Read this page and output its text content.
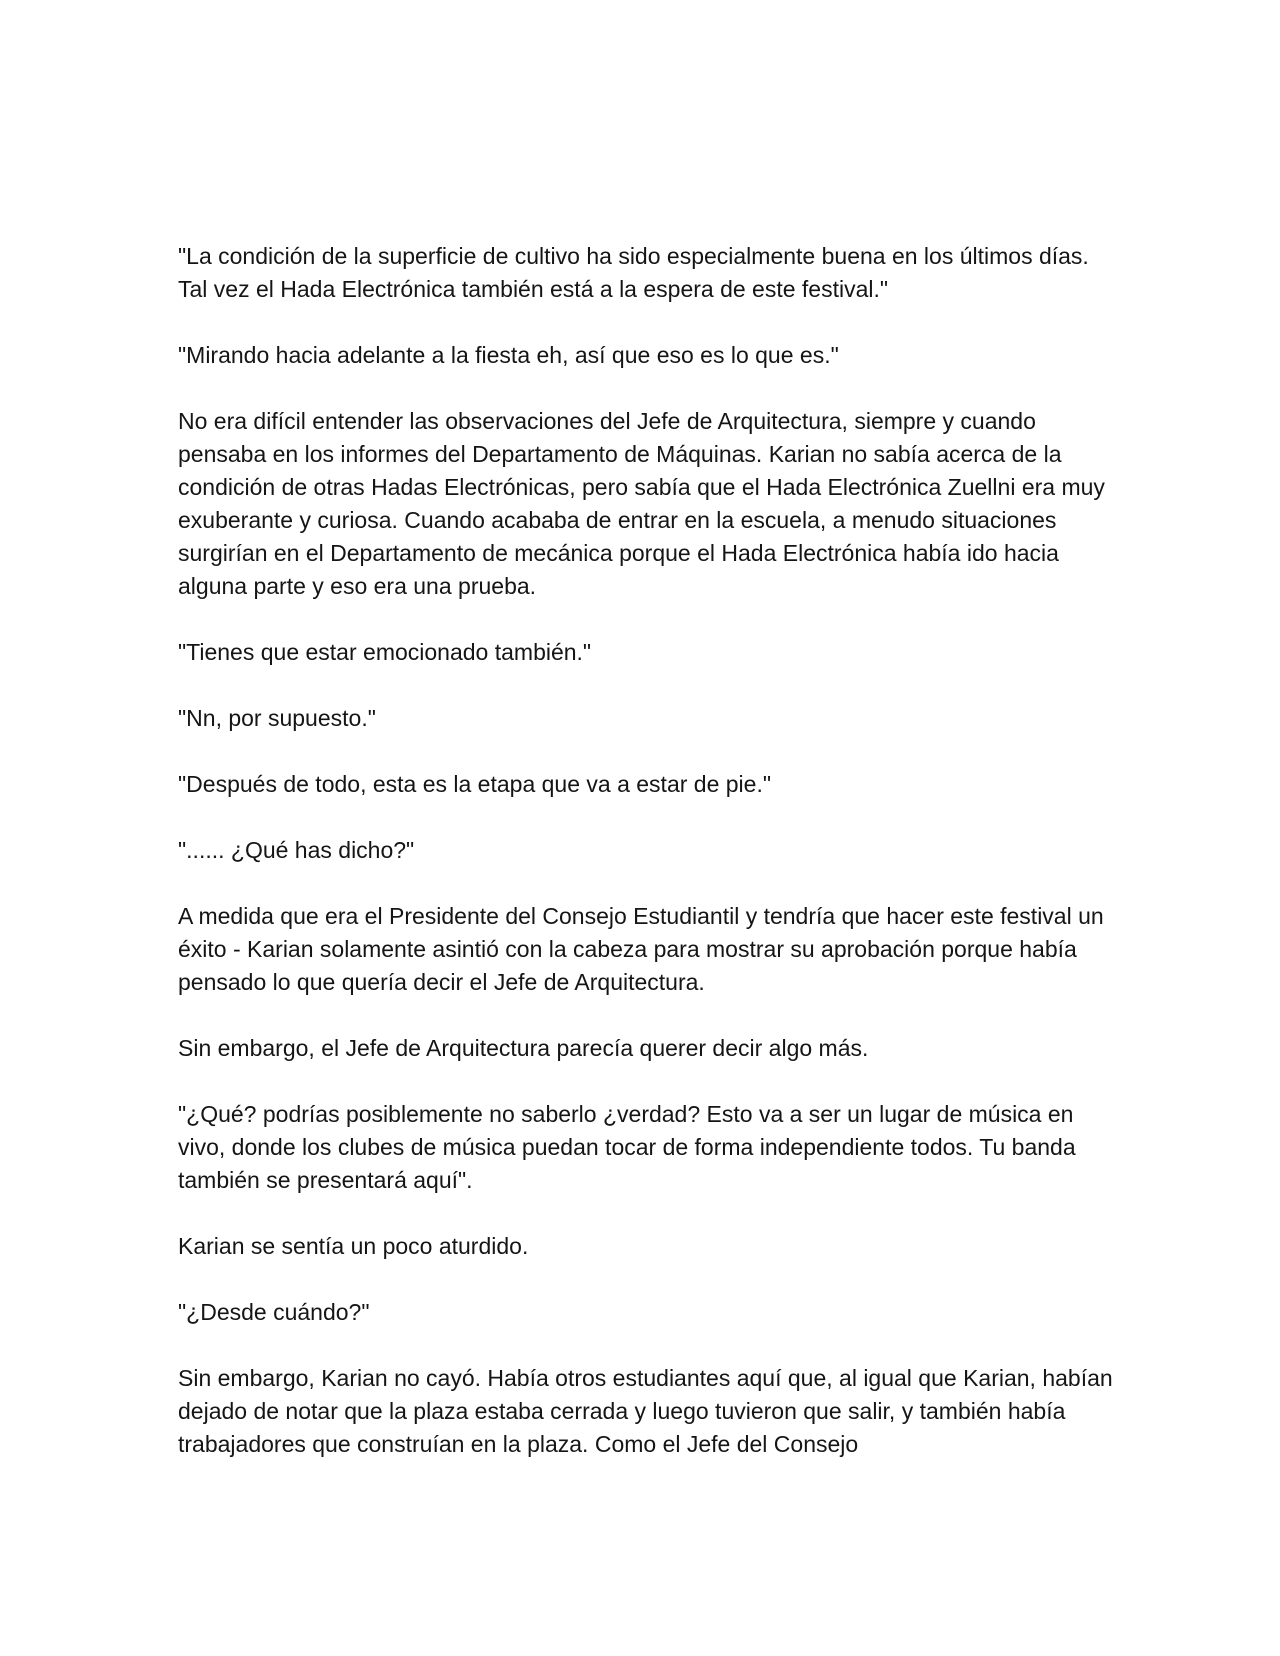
"La condición de la superficie de cultivo ha sido especialmente buena en los últimos días. Tal vez el Hada Electrónica también está a la espera de este festival."

"Mirando hacia adelante a la fiesta eh, así que eso es lo que es."

No era difícil entender las observaciones del Jefe de Arquitectura, siempre y cuando pensaba en los informes del Departamento de Máquinas. Karian no sabía acerca de la condición de otras Hadas Electrónicas, pero sabía que el Hada Electrónica Zuellni era muy exuberante y curiosa. Cuando acababa de entrar en la escuela, a menudo situaciones surgirían en el Departamento de mecánica porque el Hada Electrónica había ido hacia alguna parte y eso era una prueba.

"Tienes que estar emocionado también."

"Nn, por supuesto."

"Después de todo, esta es la etapa que va a estar de pie."

"...... ¿Qué has dicho?"

A medida que era el Presidente del Consejo Estudiantil y tendría que hacer este festival un éxito - Karian solamente asintió con la cabeza para mostrar su aprobación porque había pensado lo que quería decir el Jefe de Arquitectura.

Sin embargo, el Jefe de Arquitectura parecía querer decir algo más.

"¿Qué? podrías posiblemente no saberlo ¿verdad? Esto va a ser un lugar de música en vivo, donde los clubes de música puedan tocar de forma independiente todos. Tu banda también se presentará aquí".

Karian se sentía un poco aturdido.

"¿Desde cuándo?"

Sin embargo, Karian no cayó. Había otros estudiantes aquí que, al igual que Karian, habían dejado de notar que la plaza estaba cerrada y luego tuvieron que salir, y también había trabajadores que construían en la plaza. Como el Jefe del Consejo
